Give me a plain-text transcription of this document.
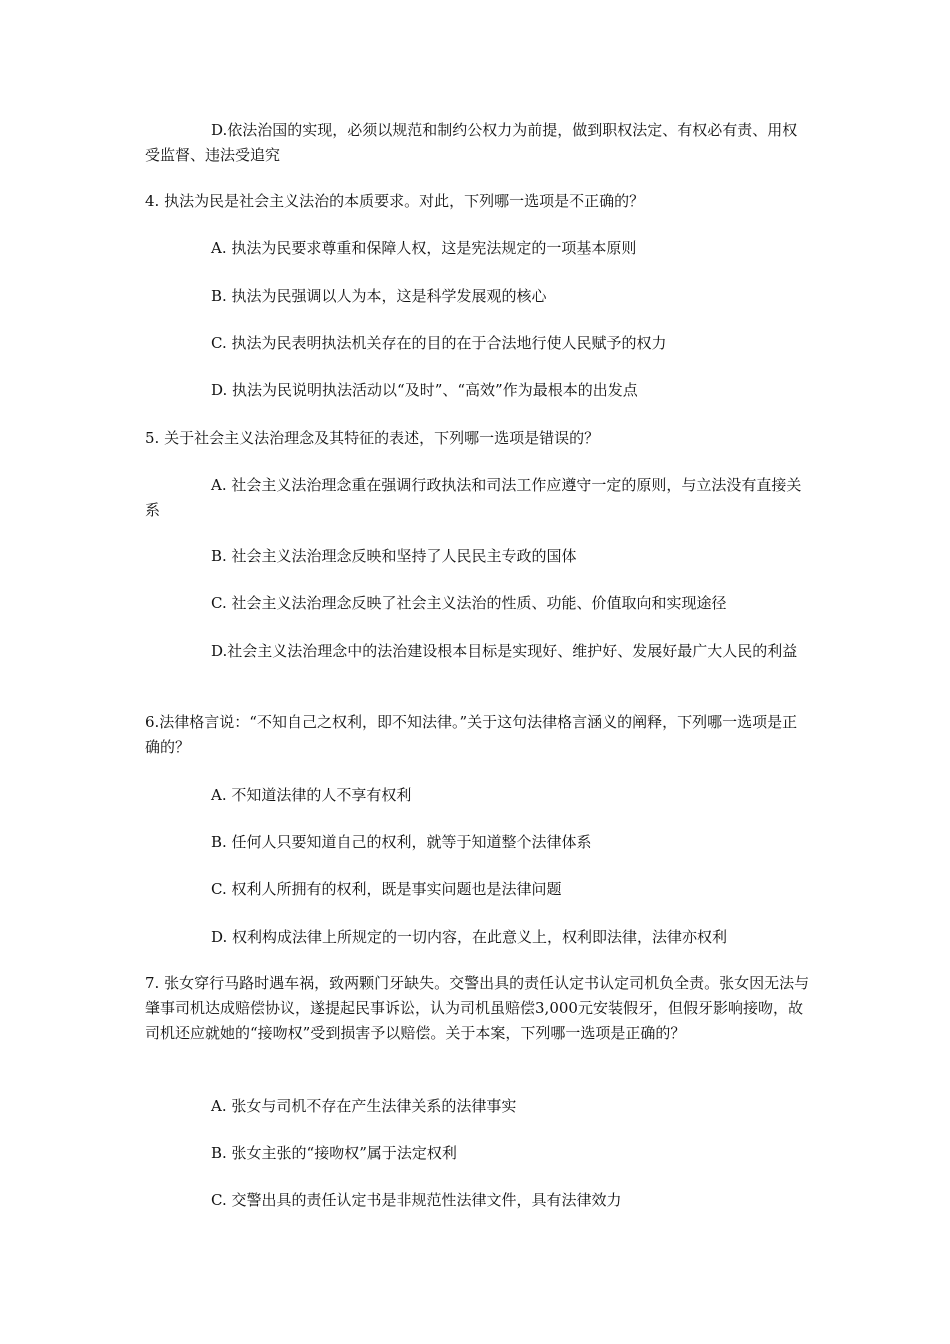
D.依法治国的实现，必须以规范和制约公权力为前提，做到职权法定、有权必有责、用权受监督、违法受追究

4. 执法为民是社会主义法治的本质要求。对此，下列哪一选项是不正确的？

A. 执法为民要求尊重和保障人权，这是宪法规定的一项基本原则

B. 执法为民强调以人为本，这是科学发展观的核心

C. 执法为民表明执法机关存在的目的在于合法地行使人民赋予的权力

D. 执法为民说明执法活动以“及时”、“高效”作为最根本的出发点

5. 关于社会主义法治理念及其特征的表述，下列哪一选项是错误的？

A. 社会主义法治理念重在强调行政执法和司法工作应遵守一定的原则，与立法没有直接关系

B. 社会主义法治理念反映和坚持了人民民主专政的国体

C. 社会主义法治理念反映了社会主义法治的性质、功能、价值取向和实现途径

D.社会主义法治理念中的法治建设根本目标是实现好、维护好、发展好最广大人民的利益

6.法律格言说：“不知自己之权利，即不知法律。”关于这句法律格言涵义的阐释，下列哪一选项是正确的？

A. 不知道法律的人不享有权利

B. 任何人只要知道自己的权利，就等于知道整个法律体系

C. 权利人所拥有的权利，既是事实问题也是法律问题

D. 权利构成法律上所规定的一切内容，在此意义上，权利即法律，法律亦权利

7. 张女穿行马路时遇车祸，致两颗门牙缺失。交警出具的责任认定书认定司机负全责。张女因无法与肇事司机达成赔偿协议，遂提起民事诉讼，认为司机虽赔偿3,000元安装假牙，但假牙影响接吻，故司机还应就她的“接吻权”受到损害予以赔偿。关于本案，下列哪一选项是正确的？

A. 张女与司机不存在产生法律关系的法律事实

B. 张女主张的“接吻权”属于法定权利

C. 交警出具的责任认定书是非规范性法律文件，具有法律效力
